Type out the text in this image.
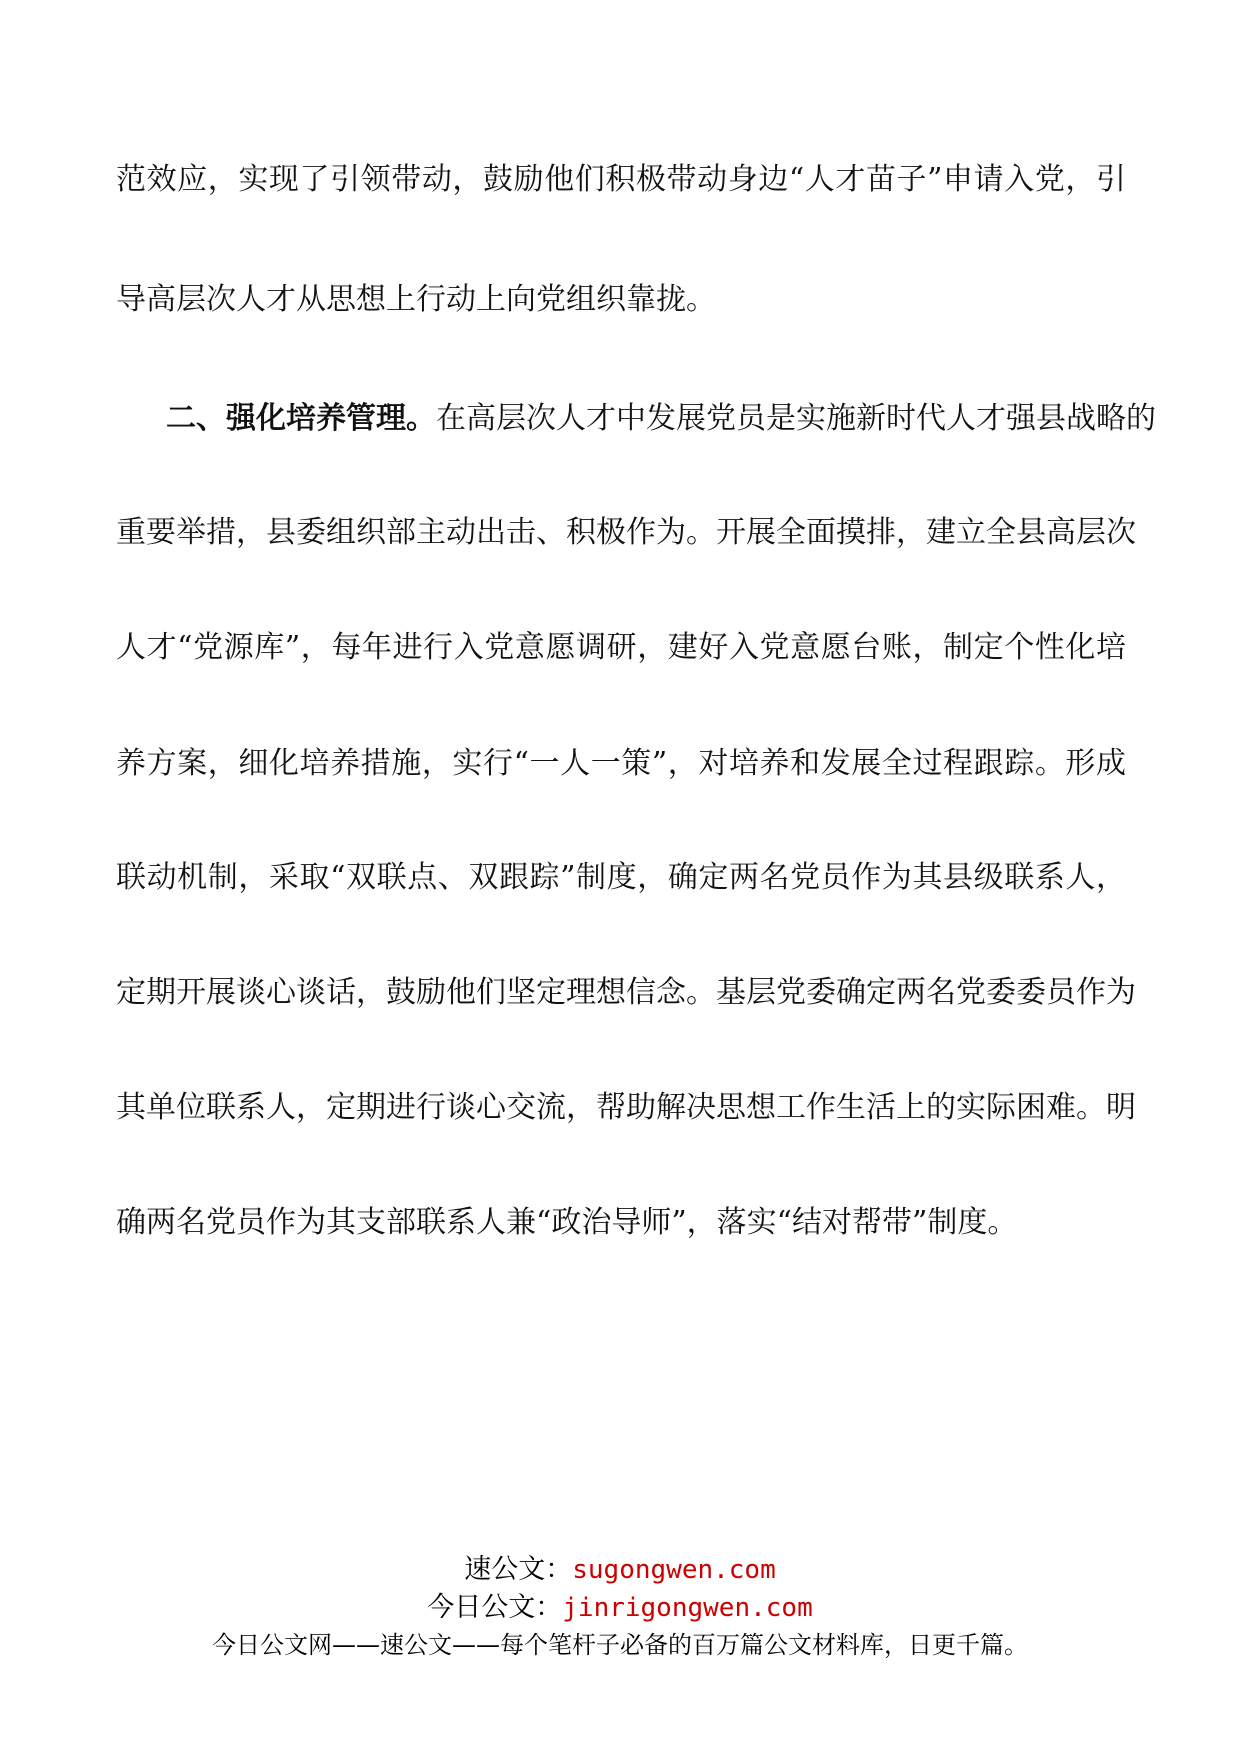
范效应，实现了引领带动，鼓励他们积极带动身边“人才苗子”申请入党，引
导高层次人才从思想上行动上向党组织靠拢。
二、强化培养管理。在高层次人才中发展党员是实施新时代人才强县战略的
重要举措，县委组织部主动出击、积极作为。开展全面摸排，建立全县高层次
人才“党源库”，每年进行入党意愿调研，建好入党意愿台账，制定个性化培
养方案，细化培养措施，实行“一人一策”，对培养和发展全过程跟踪。形成
联动机制，采取“双联点、双跟踪”制度，确定两名党员作为其县级联系人，
定期开展谈心谈话，鼓励他们坚定理想信念。基层党委确定两名党委委员作为
其单位联系人，定期进行谈心交流，帮助解决思想工作生活上的实际困难。明
确两名党员作为其支部联系人兼“政治导师”，落实“结对帮带”制度。
速公文：sugongwen.com
今日公文：jinrigongwen.com
今日公文网——速公文——每个笔杆子必备的百万篇公文材料库，日更千篇。
